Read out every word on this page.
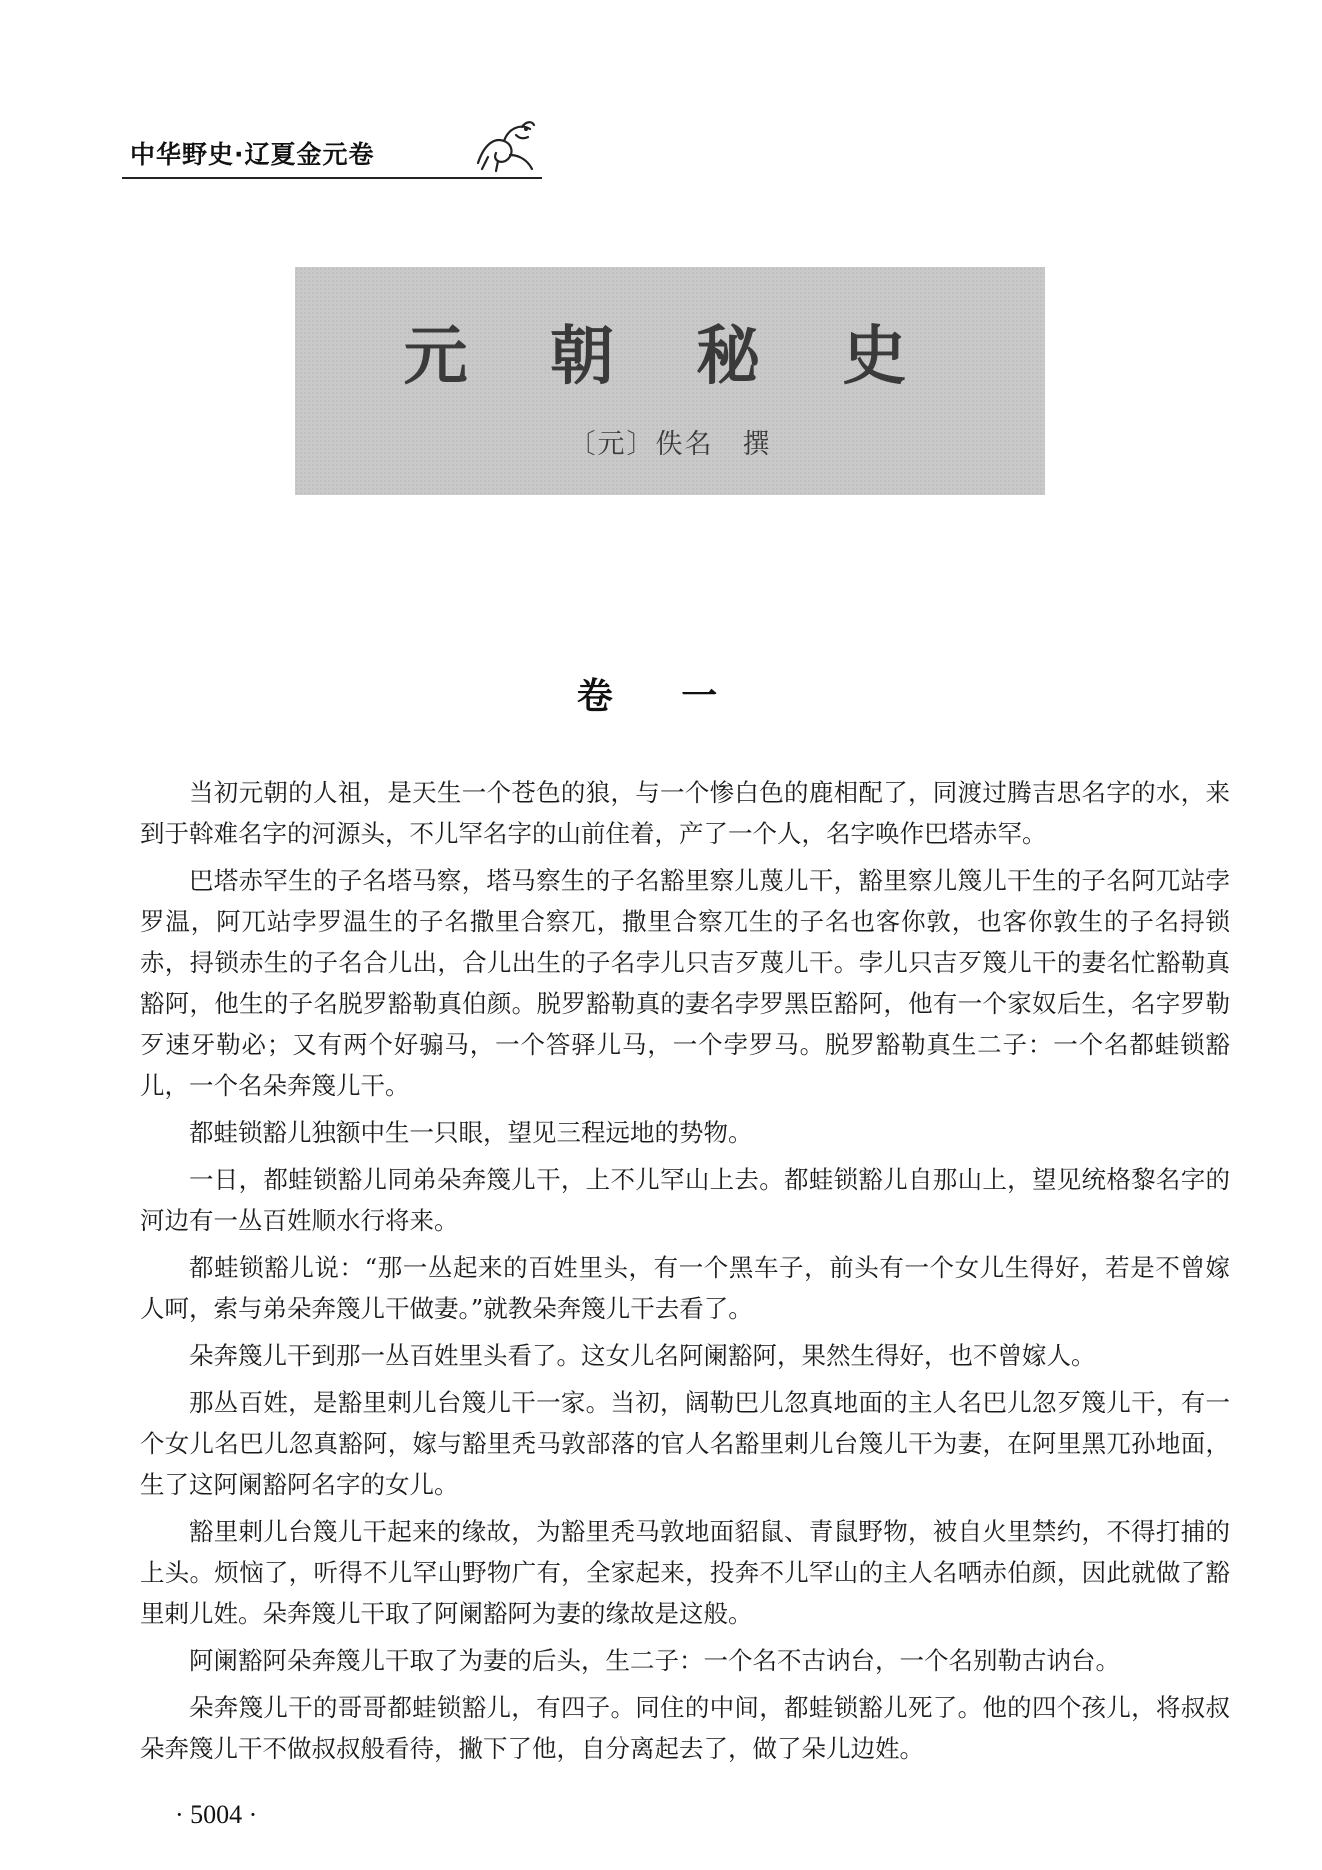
中华野史·辽夏金元卷
元 朝 秘 史
〔元〕佚名　撰
卷 一

当初元朝的人祖，是天生一个苍色的狼，与一个惨白色的鹿相配了，同渡过腾吉思名字的水，来到于斡难名字的河源头，不儿罕名字的山前住着，产了一个人，名字唤作巴塔赤罕。

巴塔赤罕生的子名塔马察，塔马察生的子名豁里察儿蔑儿干，豁里察儿篾儿干生的子名阿兀站孛罗温，阿兀站孛罗温生的子名撒里合察兀，撒里合察兀生的子名也客你敦，也客你敦生的子名挦锁赤，挦锁赤生的子名合儿出，合儿出生的子名孛儿只吉歹蔑儿干。孛儿只吉歹篾儿干的妻名忙豁勒真豁阿，他生的子名脱罗豁勒真伯颜。脱罗豁勒真的妻名孛罗黑臣豁阿，他有一个家奴后生，名字罗勒歹速牙勒必；又有两个好骟马，一个答驿儿马，一个孛罗马。脱罗豁勒真生二子：一个名都蛙锁豁儿，一个名朵奔篾儿干。

都蛙锁豁儿独额中生一只眼，望见三程远地的势物。

一日，都蛙锁豁儿同弟朵奔篾儿干，上不儿罕山上去。都蛙锁豁儿自那山上，望见统格黎名字的河边有一丛百姓顺水行将来。

都蛙锁豁儿说：“那一丛起来的百姓里头，有一个黑车子，前头有一个女儿生得好，若是不曾嫁人呵，索与弟朵奔篾儿干做妻。”就教朵奔篾儿干去看了。

朵奔篾儿干到那一丛百姓里头看了。这女儿名阿阑豁阿，果然生得好，也不曾嫁人。

那丛百姓，是豁里剌儿台篾儿干一家。当初，阔勒巴儿忽真地面的主人名巴儿忽歹篾儿干，有一个女儿名巴儿忽真豁阿，嫁与豁里秃马敦部落的官人名豁里剌儿台篾儿干为妻，在阿里黑兀孙地面，生了这阿阑豁阿名字的女儿。

豁里剌儿台篾儿干起来的缘故，为豁里秃马敦地面貂鼠、青鼠野物，被自火里禁约，不得打捕的上头。烦恼了，听得不儿罕山野物广有，全家起来，投奔不儿罕山的主人名哂赤伯颜，因此就做了豁里剌儿姓。朵奔篾儿干取了阿阑豁阿为妻的缘故是这般。

阿阑豁阿朵奔篾儿干取了为妻的后头，生二子：一个名不古讷台，一个名别勒古讷台。

朵奔篾儿干的哥哥都蛙锁豁儿，有四子。同住的中间，都蛙锁豁儿死了。他的四个孩儿，将叔叔朵奔篾儿干不做叔叔般看待，撇下了他，自分离起去了，做了朵儿边姓。

· 5004 ·
